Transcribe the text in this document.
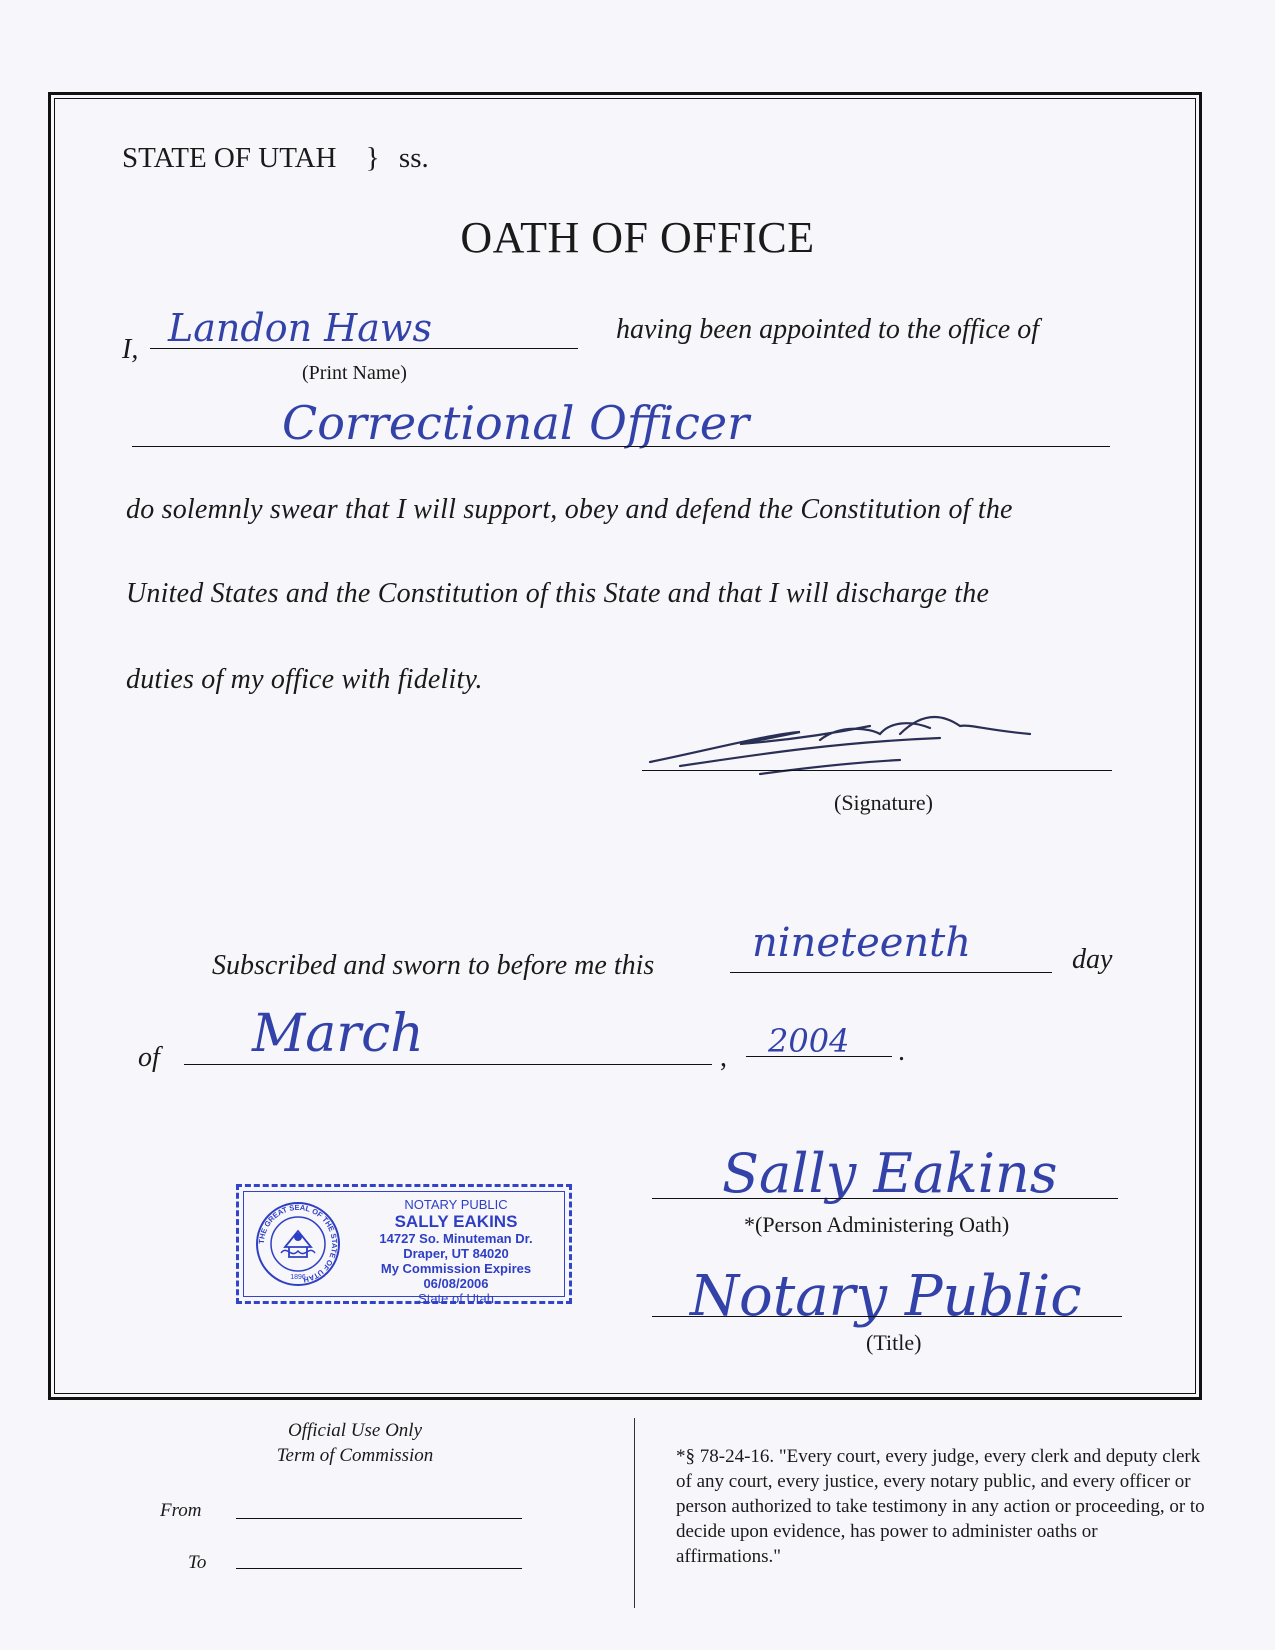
STATE OF UTAH } ss.
OATH OF OFFICE
I, Landon Haws	having been appointed to the office of
(Print Name)
Correctional Officer
do solemnly swear that I will support, obey and defend the Constitution of the
United States and the Constitution of this State and that I will discharge the
duties of my office with fidelity.
(Signature)
Subscribed and sworn to before me this nineteenth	day
of March	, 2004 .
Sally Eakins
*(Person Administering Oath)
Notary Public
(Title)
THE GREAT SEAL OF THE STATE OF UTAH
1896
NOTARY PUBLIC
SALLY EAKINS
14727 So. Minuteman Dr.
Draper, UT 84020
My Commission Expires 06/08/2006
State of Utah
Official Use Only
Term of Commission
From
To
*§ 78-24-16. "Every court, every judge, every clerk and deputy clerk of any court, every justice, every notary public, and every officer or person authorized to take testimony in any action or proceeding, or to decide upon evidence, has power to administer oaths or affirmations."
